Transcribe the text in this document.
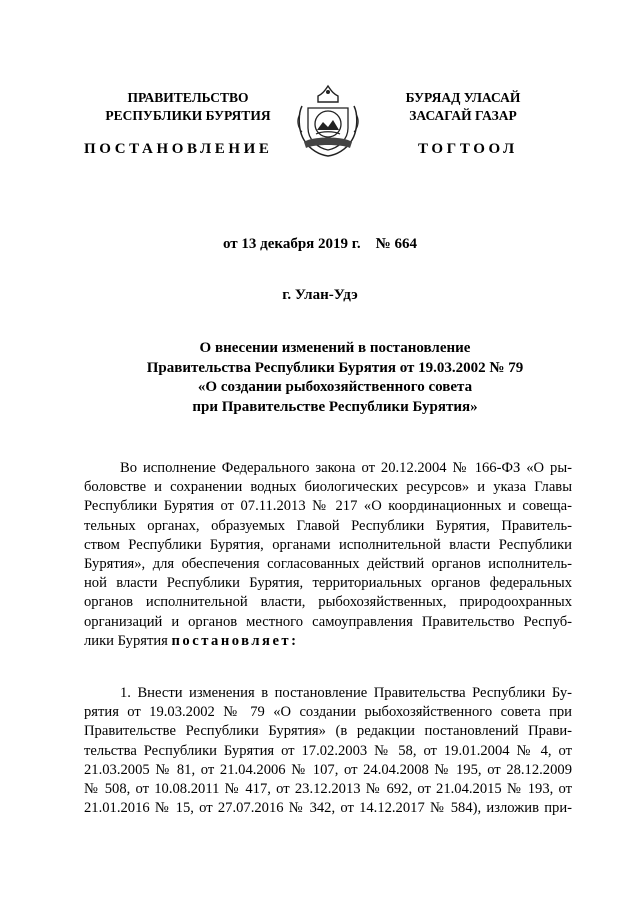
ПРАВИТЕЛЬСТВО
РЕСПУБЛИКИ БУРЯТИЯ
БУРЯАД УЛАСАЙ
ЗАСАГАЙ ГАЗАР
ПОСТАНОВЛЕНИЕ	ТОГТООЛ
от 13 декабря 2019 г.    № 664
г. Улан-Удэ
О внесении изменений в постановление
Правительства Республики Бурятия от 19.03.2002 № 79
«О создании рыбохозяйственного совета
при Правительстве Республики Бурятия»
Во исполнение Федерального закона от 20.12.2004 № 166-ФЗ «О ры-
боловстве и сохранении водных биологических ресурсов» и указа Главы
Республики Бурятия от 07.11.2013 № 217 «О координационных и совеща-
тельных органах, образуемых Главой Республики Бурятия, Правитель-
ством Республики Бурятия, органами исполнительной власти Республики
Бурятия», для обеспечения согласованных действий органов исполнитель-
ной власти Республики Бурятия, территориальных органов федеральных
органов исполнительной власти, рыбохозяйственных, природоохранных
организаций и органов местного самоуправления Правительство Респуб-
лики Бурятия постановляет:
1. Внести изменения в постановление Правительства Республики Бу-
рятия от 19.03.2002 № 79 «О создании рыбохозяйственного совета при
Правительстве Республики Бурятия» (в редакции постановлений Прави-
тельства Республики Бурятия от 17.02.2003 № 58, от 19.01.2004 № 4, от
21.03.2005 № 81, от 21.04.2006 № 107, от 24.04.2008 № 195, от 28.12.2009
№ 508, от 10.08.2011 № 417, от 23.12.2013 № 692, от 21.04.2015 № 193, от
21.01.2016 № 15, от 27.07.2016 № 342, от 14.12.2017 № 584), изложив при-
